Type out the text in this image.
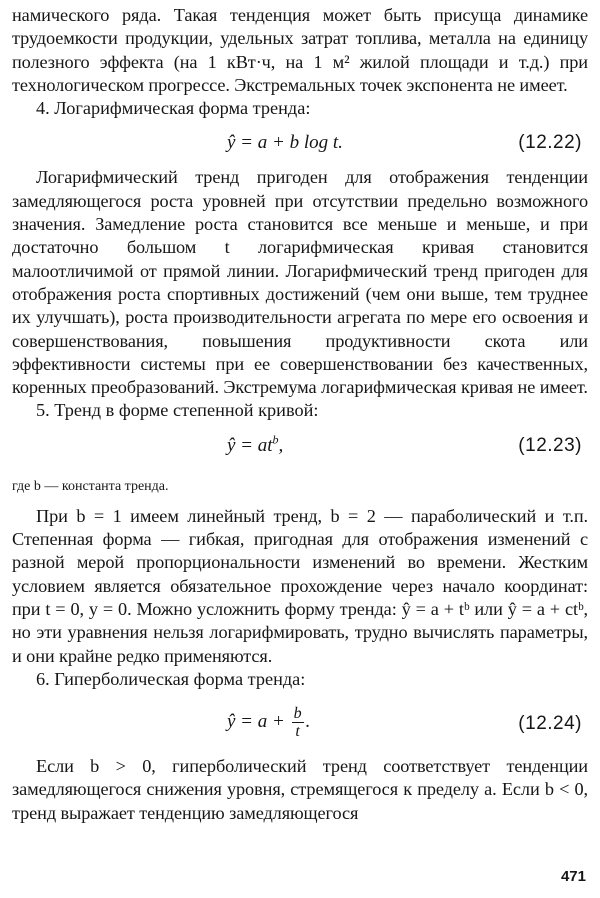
намического ряда. Такая тенденция может быть присуща динамике трудоемкости продукции, удельных затрат топлива, металла на единицу полезного эффекта (на 1 кВт·ч, на 1 м² жилой площади и т.д.) при технологическом прогрессе. Экстремальных точек экспонента не имеет.

4. Логарифмическая форма тренда:

ŷ = a + b log t.	(12.22)

Логарифмический тренд пригоден для отображения тенденции замедляющегося роста уровней при отсутствии предельно возможного значения. Замедление роста становится все меньше и меньше, и при достаточно большом t логарифмическая кривая становится малоотличимой от прямой линии. Логарифмический тренд пригоден для отображения роста спортивных достижений (чем они выше, тем труднее их улучшать), роста производительности агрегата по мере его освоения и совершенствования, повышения продуктивности скота или эффективности системы при ее совершенствовании без качественных, коренных преобразований. Экстремума логарифмическая кривая не имеет.

5. Тренд в форме степенной кривой:

ŷ = $at^b$,	(12.23)

где b — константа тренда.

При b = 1 имеем линейный тренд, b = 2 — параболический и т.п. Степенная форма — гибкая, пригодная для отображения изменений с разной мерой пропорциональности изменений во времени. Жестким условием является обязательное прохождение через начало координат: при t = 0, y = 0. Можно усложнить форму тренда: ŷ = a + tᵇ или ŷ = a + ctᵇ, но эти уравнения нельзя логарифмировать, трудно вычислять параметры, и они крайне редко применяются.

6. Гиперболическая форма тренда:

ŷ = $a + \frac{b}{t}$ .	(12.24)

Если b > 0, гиперболический тренд соответствует тенденции замедляющегося снижения уровня, стремящегося к пределу a. Если b < 0, тренд выражает тенденцию замедляющегося

471
